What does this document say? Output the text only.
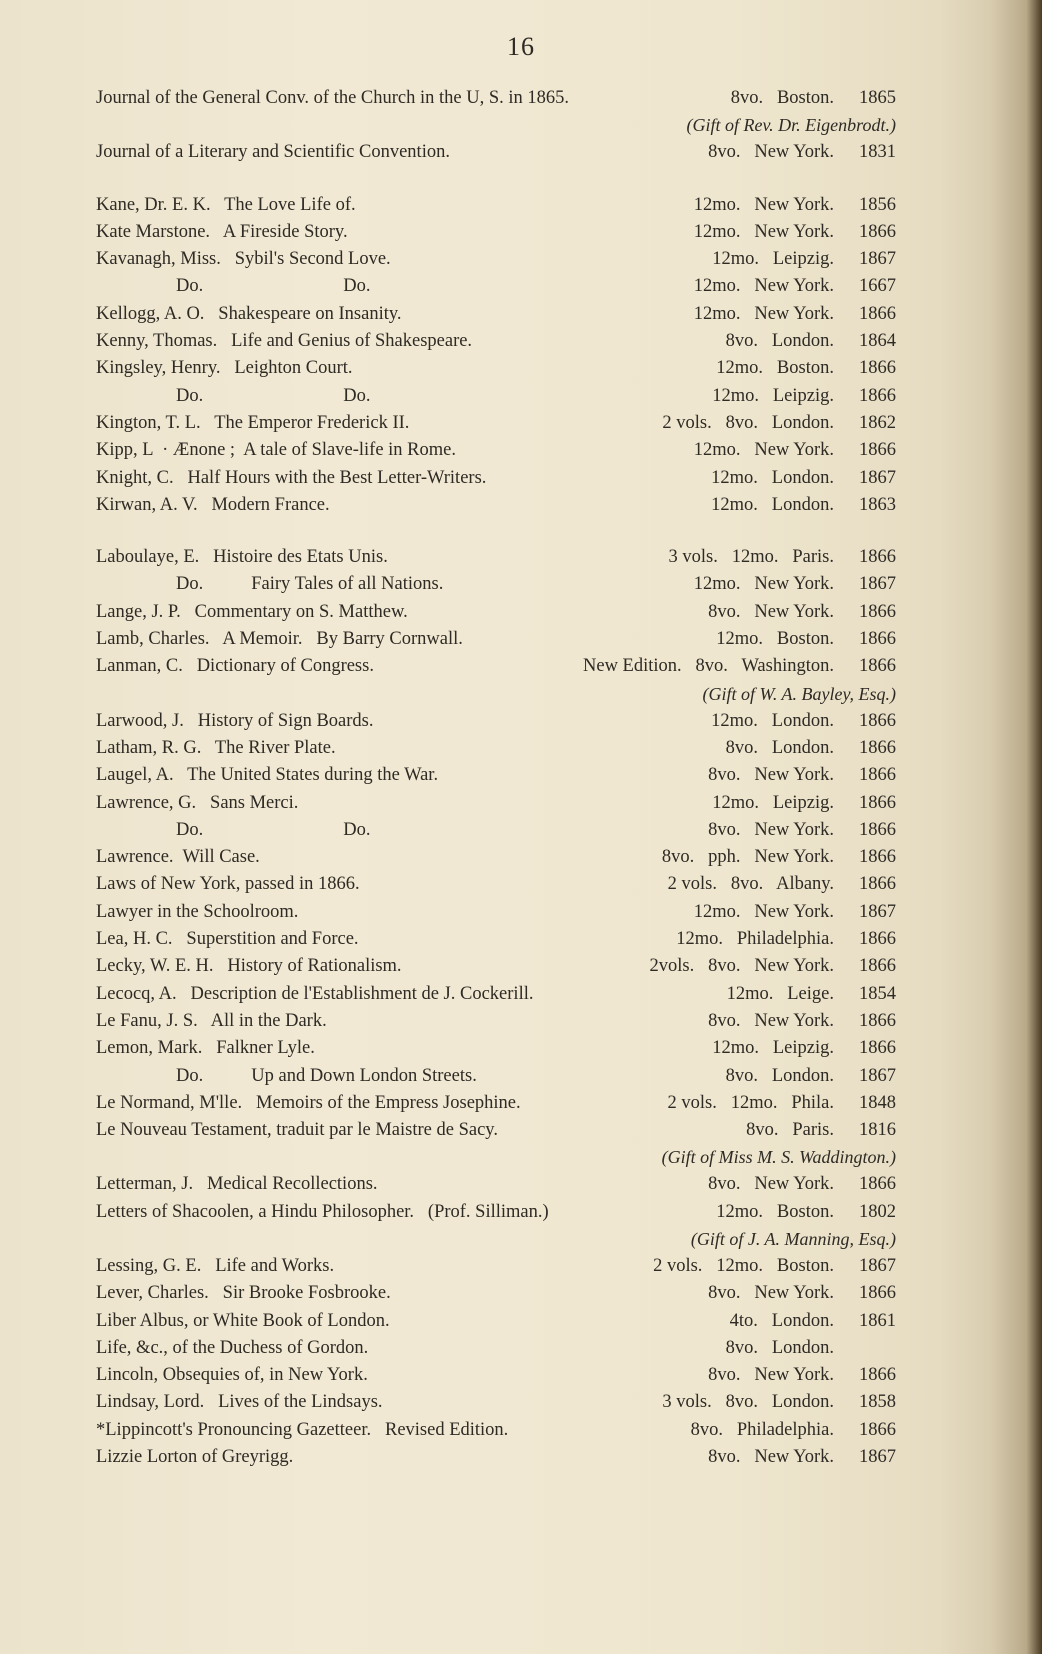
16
Journal of the General Conv. of the Church in the U, S. in 1865.	8vo.   Boston.	1865
(Gift of Rev. Dr. Eigenbrodt.)
Journal of a Literary and Scientific Convention.	8vo.   New York.	1831
Kane, Dr. E. K.   The Love Life of.	12mo.   New York.	1856
Kate Marstone.   A Fireside Story.	12mo.   New York.	1866
Kavanagh, Miss.   Sybil's Second Love.	12mo.   Leipzig.	1867
Do.	Do.	12mo.   New York.	1667
Kellogg, A. O.   Shakespeare on Insanity.	12mo.   New York.	1866
Kenny, Thomas.   Life and Genius of Shakespeare.	8vo.   London.	1864
Kingsley, Henry.   Leighton Court.	12mo.   Boston.	1866
Do.	Do.	12mo.   Leipzig.	1866
Kington, T. L.   The Emperor Frederick II.	2 vols.   8vo.   London.	1862
Kipp, L  · Ænone ;  A tale of Slave-life in Rome.	12mo.   New York.	1866
Knight, C.   Half Hours with the Best Letter-Writers.	12mo.   London.	1867
Kirwan, A. V.   Modern France.	12mo.   London.	1863
Laboulaye, E.   Histoire des Etats Unis.	3 vols.   12mo.   Paris.	1866
Do.	Fairy Tales of all Nations.	12mo.   New York.	1867
Lange, J. P.   Commentary on S. Matthew.	8vo.   New York.	1866
Lamb, Charles.   A Memoir.   By Barry Cornwall.	12mo.   Boston.	1866
Lanman, C.   Dictionary of Congress.	New Edition.   8vo.   Washington.	1866
(Gift of W. A. Bayley, Esq.)
Larwood, J.   History of Sign Boards.	12mo.   London.	1866
Latham, R. G.   The River Plate.	8vo.   London.	1866
Laugel, A.   The United States during the War.	8vo.   New York.	1866
Lawrence, G.   Sans Merci.	12mo.   Leipzig.	1866
Do.	Do.	8vo.   New York.	1866
Lawrence.  Will Case.	8vo.   pph.   New York.	1866
Laws of New York, passed in 1866.	2 vols.   8vo.   Albany.	1866
Lawyer in the Schoolroom.	12mo.   New York.	1867
Lea, H. C.   Superstition and Force.	12mo.   Philadelphia.	1866
Lecky, W. E. H.   History of Rationalism.	2vols.   8vo.   New York.	1866
Lecocq, A.   Description de l'Establishment de J. Cockerill.	12mo.   Leige.	1854
Le Fanu, J. S.   All in the Dark.	8vo.   New York.	1866
Lemon, Mark.   Falkner Lyle.	12mo.   Leipzig.	1866
Do.	Up and Down London Streets.	8vo.   London.	1867
Le Normand, M'lle.   Memoirs of the Empress Josephine.	2 vols.   12mo.   Phila.	1848
Le Nouveau Testament, traduit par le Maistre de Sacy.	8vo.   Paris.	1816
(Gift of Miss M. S. Waddington.)
Letterman, J.   Medical Recollections.	8vo.   New York.	1866
Letters of Shacoolen, a Hindu Philosopher.   (Prof. Silliman.)	12mo.   Boston.	1802
(Gift of J. A. Manning, Esq.)
Lessing, G. E.   Life and Works.	2 vols.   12mo.   Boston.	1867
Lever, Charles.   Sir Brooke Fosbrooke.	8vo.   New York.	1866
Liber Albus, or White Book of London.	4to.   London.	1861
Life, &c., of the Duchess of Gordon.	8vo.   London.
Lincoln, Obsequies of, in New York.	8vo.   New York.	1866
Lindsay, Lord.   Lives of the Lindsays.	3 vols.   8vo.   London.	1858
*Lippincott's Pronouncing Gazetteer.   Revised Edition.	8vo.   Philadelphia.	1866
Lizzie Lorton of Greyrigg.	8vo.   New York.	1867
